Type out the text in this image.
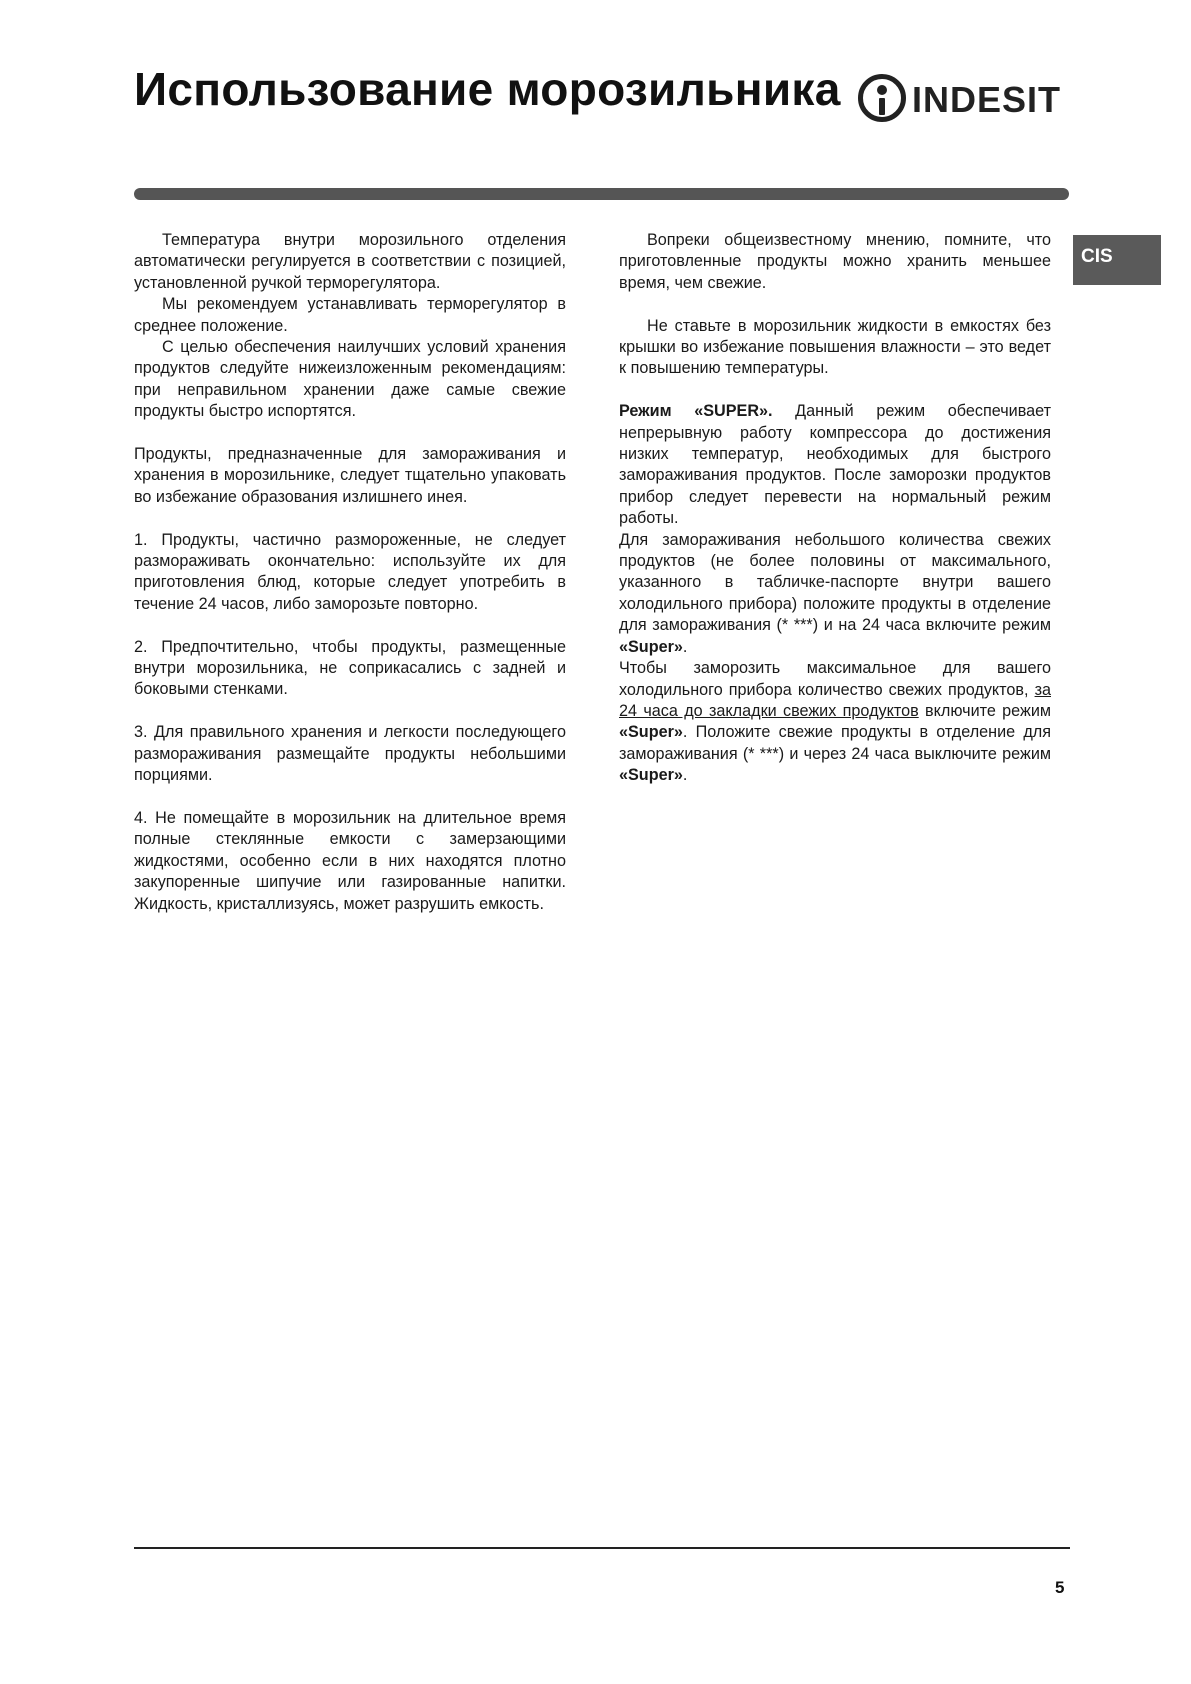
Использование морозильника INDESIT
CIS

Температура внутри морозильного отделения автоматически регулируется в соответствии с позицией, установленной ручкой терморегулятора.

Мы рекомендуем устанавливать терморегулятор в среднее положение.

С целью обеспечения наилучших условий хранения продуктов следуйте нижеизложенным рекомендациям: при неправильном хранении даже самые свежие продукты быстро испортятся.

Продукты, предназначенные для замораживания и хранения в морозильнике, следует тщательно упаковать во избежание образования излишнего инея.

1. Продукты, частично размороженные, не следует размораживать окончательно: используйте их для приготовления блюд, которые следует употребить в течение 24 часов, либо заморозьте повторно.

2. Предпочтительно, чтобы продукты, размещенные внутри морозильника, не соприкасались с задней и боковыми стенками.

3. Для правильного хранения и легкости последующего размораживания размещайте продукты небольшими порциями.

4. Не помещайте в морозильник на длительное время полные стеклянные емкости с замерзающими жидкостями, особенно если в них находятся плотно закупоренные шипучие или газированные напитки. Жидкость, кристаллизуясь, может разрушить емкость.

Вопреки общеизвестному мнению, помните, что приготовленные продукты можно хранить меньшее время, чем свежие.

Не ставьте в морозильник жидкости в емкостях без крышки во избежание повышения влажности – это ведет к повышению температуры.

Режим «SUPER». Данный режим обеспечивает непрерывную работу компрессора до достижения низких температур, необходимых для быстрого замораживания продуктов. После заморозки продуктов прибор следует перевести на нормальный режим работы.

Для замораживания небольшого количества свежих продуктов (не более половины от максимального, указанного в табличке-паспорте внутри вашего холодильного прибора) положите продукты в отделение для замораживания (* ***) и на 24 часа включите режим «Super».

Чтобы заморозить максимальное для вашего холодильного прибора количество свежих продуктов, за 24 часа до закладки свежих продуктов включите режим «Super». Положите свежие продукты в отделение для замораживания (* ***) и через 24 часа выключите режим «Super».

5
